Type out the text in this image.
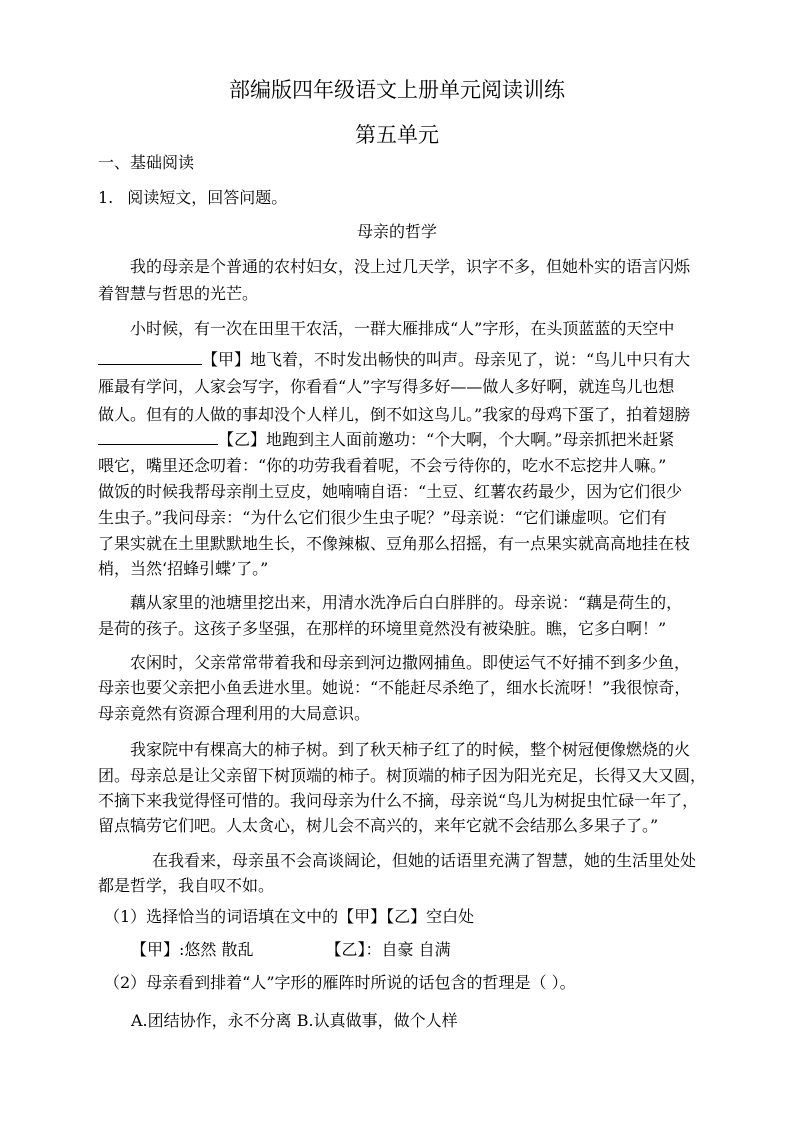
部编版四年级语文上册单元阅读训练
第五单元
一、基础阅读
1. 阅读短文，回答问题。
母亲的哲学
我的母亲是个普通的农村妇女，没上过几天学，识字不多，但她朴实的语言闪烁
着智慧与哲思的光芒。
小时候，有一次在田里干农活，一群大雁排成“人”字形，在头顶蓝蓝的天空中
【甲】地飞着，不时发出畅快的叫声。母亲见了，说：“鸟儿中只有大
雁最有学问，人家会写字，你看看“人”字写得多好——做人多好啊，就连鸟儿也想
做人。但有的人做的事却没个人样儿，倒不如这鸟儿。”我家的母鸡下蛋了，拍着翅膀
【乙】地跑到主人面前邀功：“个大啊，个大啊。”母亲抓把米赶紧
喂它，嘴里还念叨着：“你的功劳我看着呢，不会亏待你的，吃水不忘挖井人嘛。”
做饭的时候我帮母亲削土豆皮，她喃喃自语：“土豆、红薯农药最少，因为它们很少
生虫子。”我问母亲：“为什么它们很少生虫子呢？”母亲说：“它们谦虚呗。它们有
了果实就在土里默默地生长，不像辣椒、豆角那么招摇，有一点果实就高高地挂在枝
梢，当然‘招蜂引蝶’了。”
藕从家里的池塘里挖出来，用清水洗净后白白胖胖的。母亲说：“藕是荷生的，
是荷的孩子。这孩子多坚强，在那样的环境里竟然没有被染脏。瞧，它多白啊！”
农闲时，父亲常常带着我和母亲到河边撒网捕鱼。即使运气不好捕不到多少鱼，
母亲也要父亲把小鱼丢进水里。她说：“不能赶尽杀绝了，细水长流呀！”我很惊奇，
母亲竟然有资源合理利用的大局意识。
我家院中有棵高大的柿子树。到了秋天柿子红了的时候，整个树冠便像燃烧的火
团。母亲总是让父亲留下树顶端的柿子。树顶端的柿子因为阳光充足，长得又大又圆，
不摘下来我觉得怪可惜的。我问母亲为什么不摘，母亲说“鸟儿为树捉虫忙碌一年了，
留点犒劳它们吧。人太贪心，树儿会不高兴的，来年它就不会结那么多果子了。”
在我看来，母亲虽不会高谈阔论，但她的话语里充满了智慧，她的生活里处处
都是哲学，我自叹不如。
（1）选择恰当的词语填在文中的【甲】【乙】空白处
【甲】:悠然 散乱	【乙】：自豪 自满
（2）母亲看到排着“人”字形的雁阵时所说的话包含的哲理是（ ）。
A.团结协作，永不分离 B.认真做事，做个人样
